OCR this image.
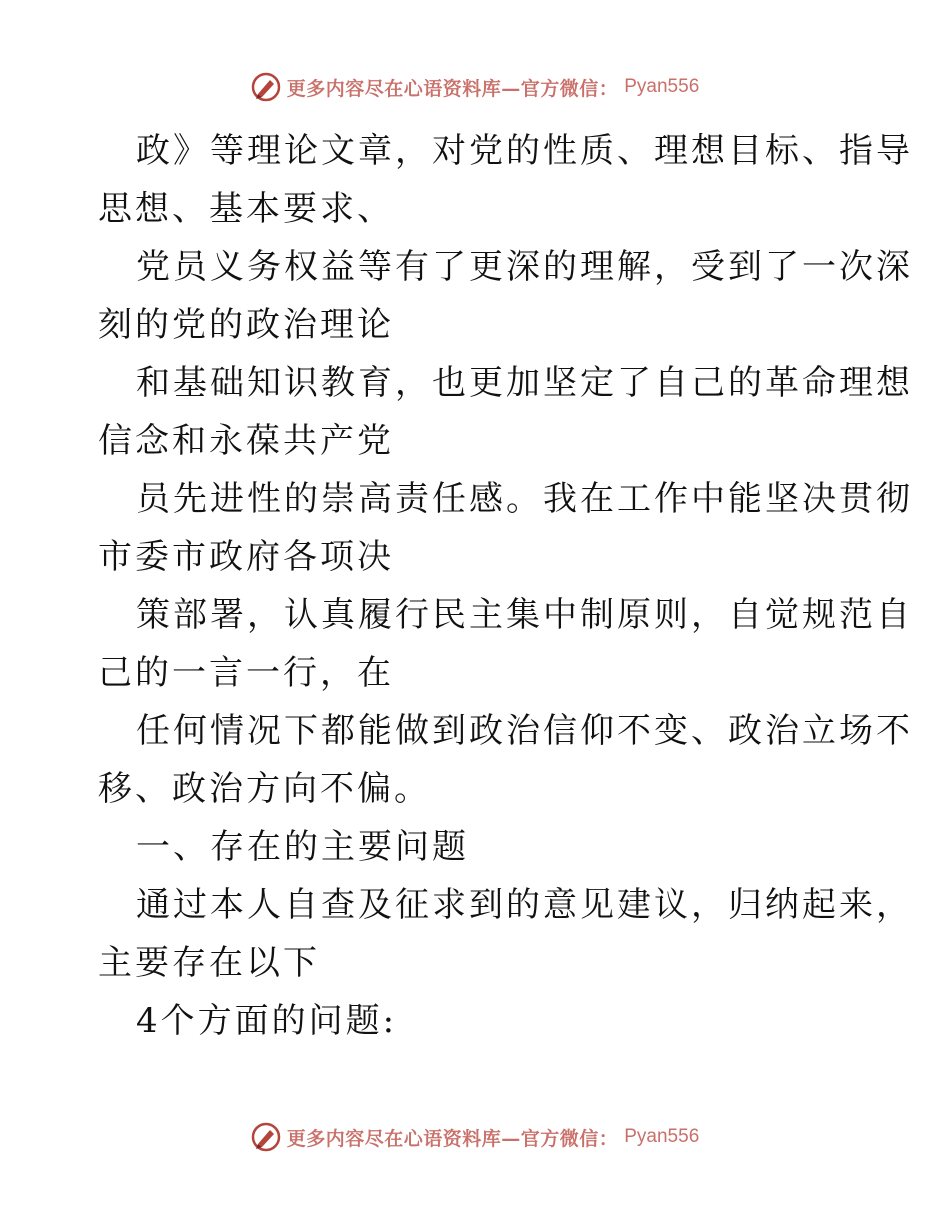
更多内容尽在心语资料库—官方微信： Pyan556
政》等理论文章，对党的性质、理想目标、指导
思想、基本要求、
党员义务权益等有了更深的理解，受到了一次深
刻的党的政治理论
和基础知识教育，也更加坚定了自己的革命理想
信念和永葆共产党
员先进性的崇高责任感。我在工作中能坚决贯彻
市委市政府各项决
策部署，认真履行民主集中制原则，自觉规范自
己的一言一行，在
任何情况下都能做到政治信仰不变、政治立场不
移、政治方向不偏。
一、存在的主要问题
通过本人自查及征求到的意见建议，归纳起来，
主要存在以下
4个方面的问题:
更多内容尽在心语资料库—官方微信： Pyan556
